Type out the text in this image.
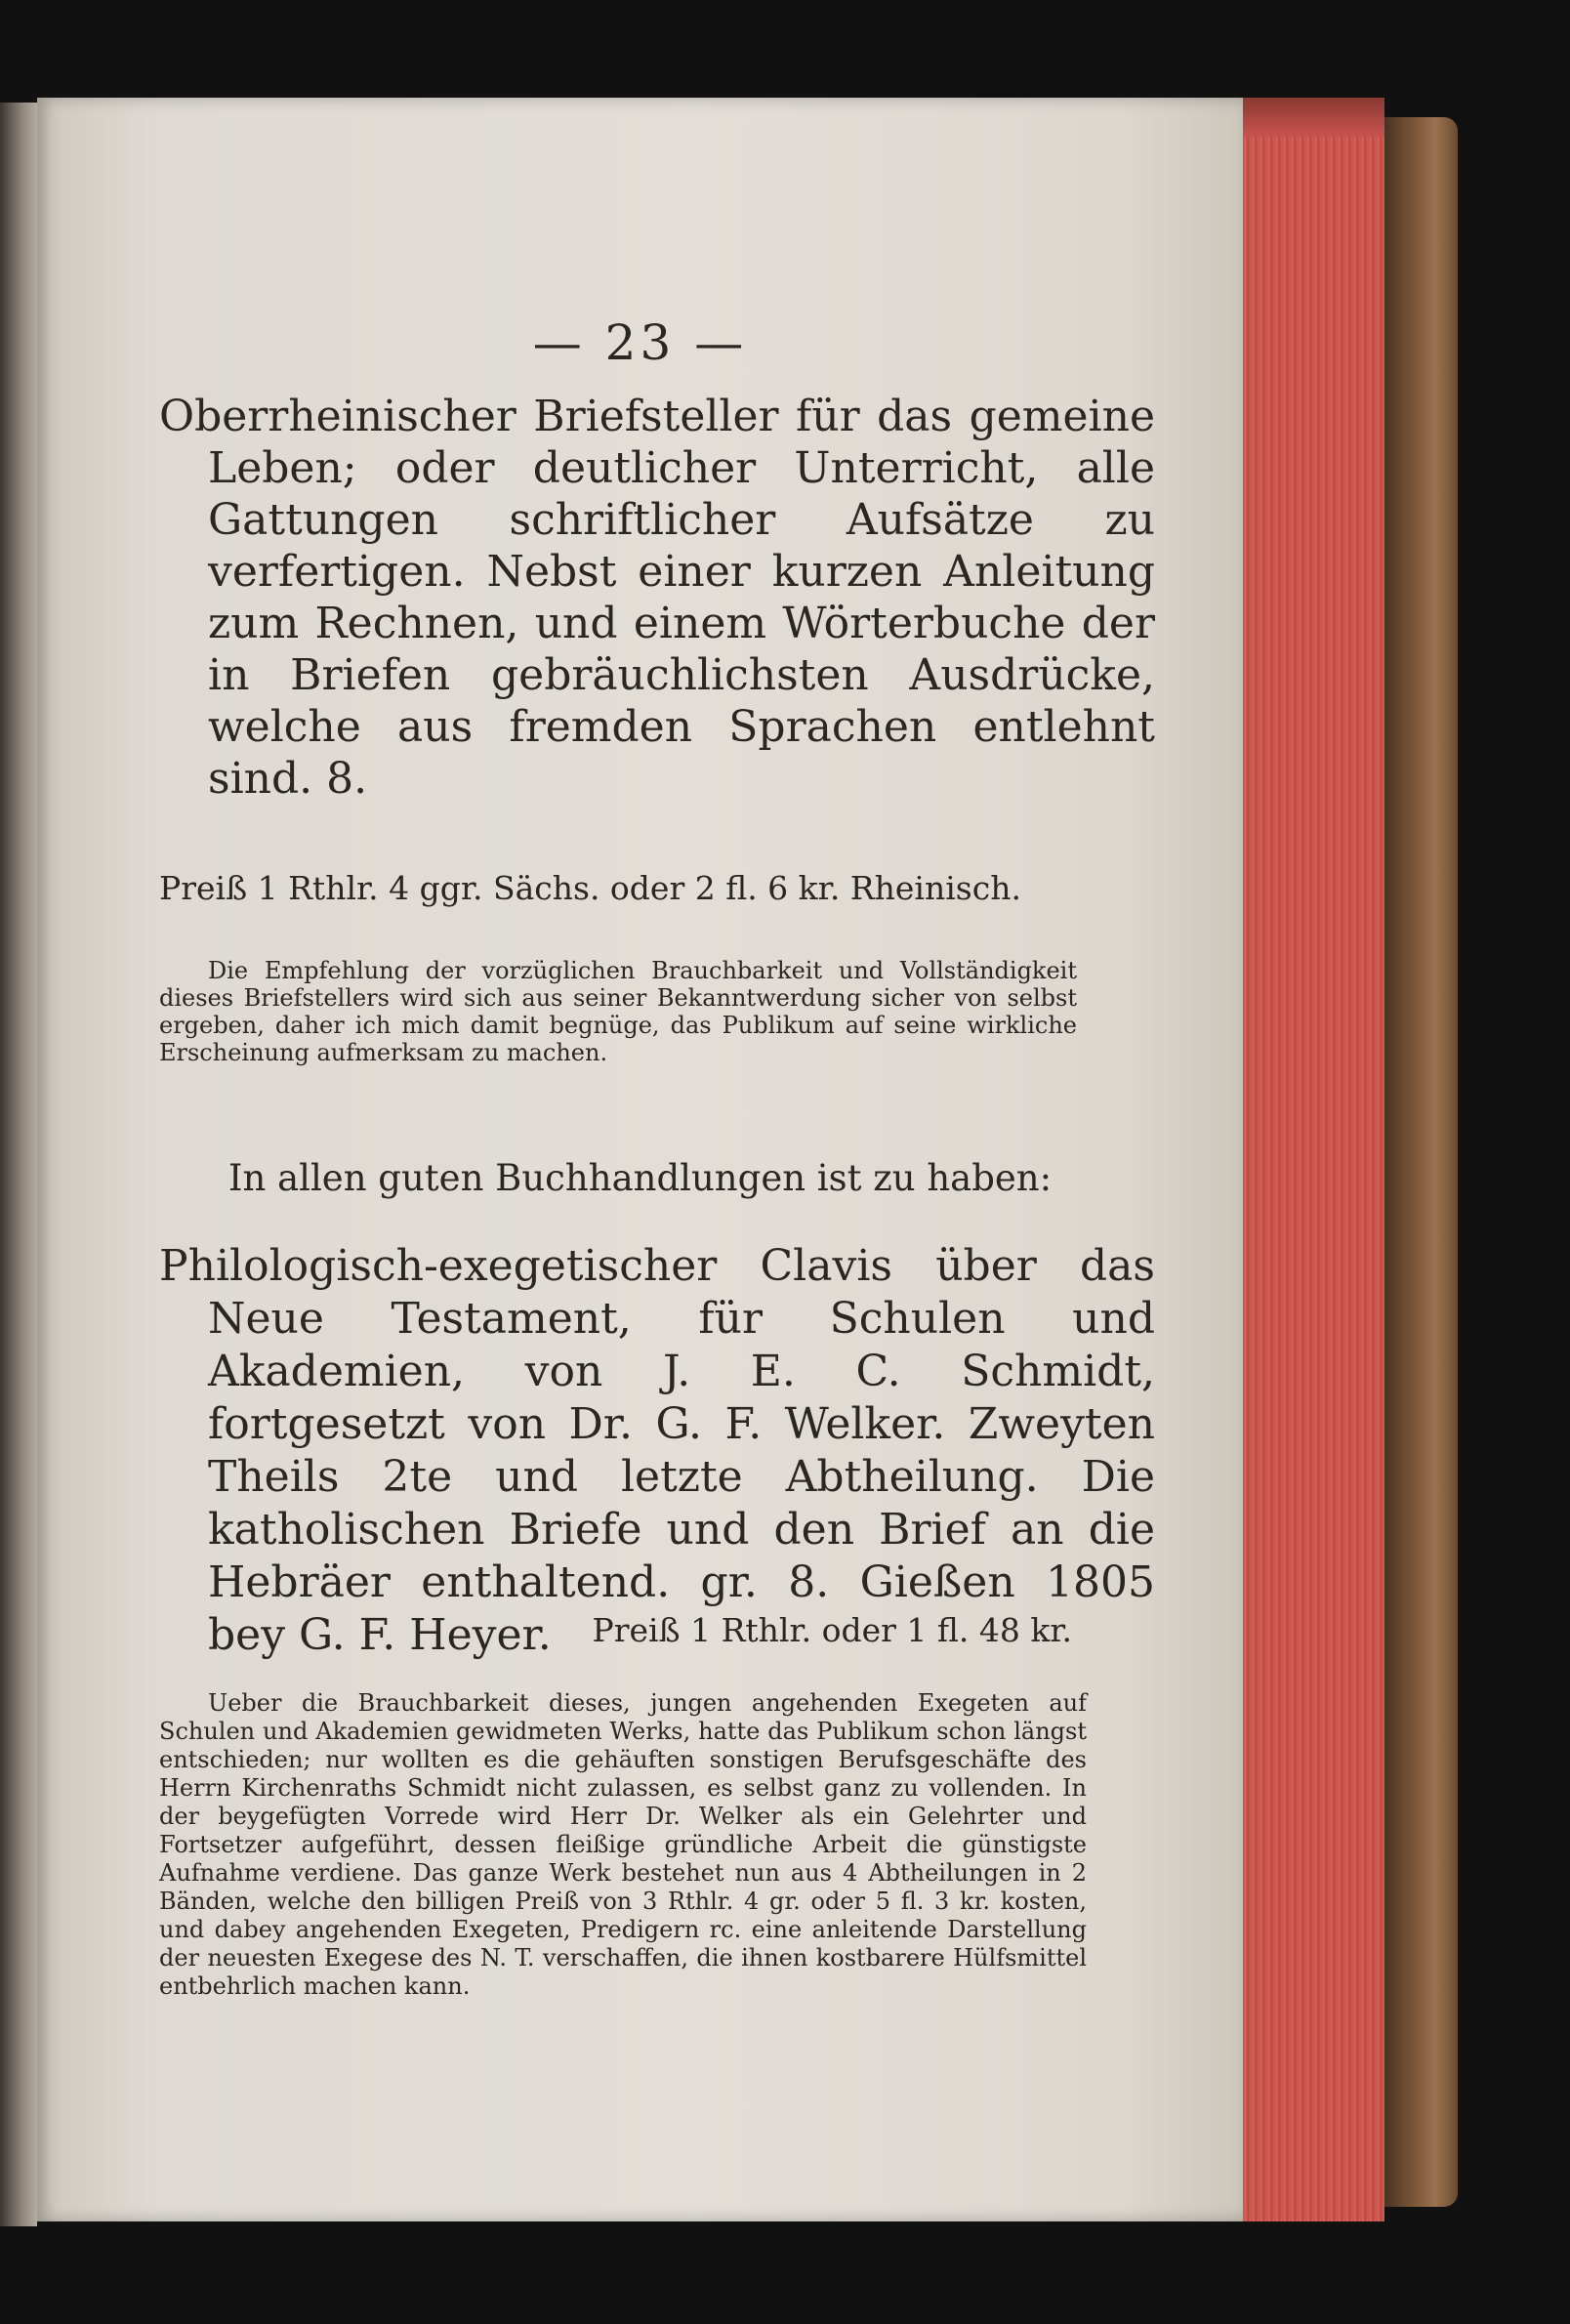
— 23 —
Oberrheinischer Briefsteller für das gemeine Leben; oder deutlicher Unterricht, alle Gattungen schriftlicher Aufsätze zu verfertigen. Nebst einer kurzen Anleitung zum Rechnen, und einem Wörterbuche der in Briefen gebräuchlichsten Ausdrücke, welche aus fremden Sprachen entlehnt sind. 8.
Preiß 1 Rthlr. 4 ggr. Sächs. oder 2 fl. 6 kr. Rheinisch.
Die Empfehlung der vorzüglichen Brauchbarkeit und Vollständigkeit dieses Briefstellers wird sich aus seiner Bekanntwerdung sicher von selbst ergeben, daher ich mich damit begnüge, das Publikum auf seine wirkliche Erscheinung aufmerksam zu machen.
In allen guten Buchhandlungen ist zu haben:
Philologisch-exegetischer Clavis über das Neue Testament, für Schulen und Akademien, von J. E. C. Schmidt, fortgesetzt von Dr. G. F. Welker. Zweyten Theils 2te und letzte Abtheilung. Die katholischen Briefe und den Brief an die Hebräer enthaltend. gr. 8. Gießen 1805 bey G. F. Heyer.	Preiß 1 Rthlr. oder 1 fl. 48 kr.
Ueber die Brauchbarkeit dieses, jungen angehenden Exegeten auf Schulen und Akademien gewidmeten Werks, hatte das Publikum schon längst entschieden; nur wollten es die gehäuften sonstigen Berufsgeschäfte des Herrn Kirchenraths Schmidt nicht zulassen, es selbst ganz zu vollenden. In der beygefügten Vorrede wird Herr Dr. Welker als ein Gelehrter und Fortsetzer aufgeführt, dessen fleißige gründliche Arbeit die günstigste Aufnahme verdiene. Das ganze Werk bestehet nun aus 4 Abtheilungen in 2 Bänden, welche den billigen Preiß von 3 Rthlr. 4 gr. oder 5 fl. 3 kr. kosten, und dabey angehenden Exegeten, Predigern rc. eine anleitende Darstellung der neuesten Exegese des N. T. verschaffen, die ihnen kostbarere Hülfsmittel entbehrlich machen kann.
